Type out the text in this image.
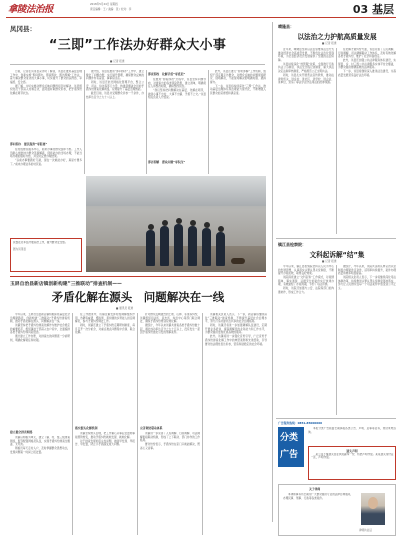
拿陵法治报	2018年5月24日 星期四
责任编辑：王 / 美编：张 / 校对：李	03 基层
凤冈县：
“三即”工作法办好群众大小事
■ 记者 报道

日前，记者在凤冈县采访时了解到，该县在推进基层治理工作中，创新实施“即问即办、即查即改、即访即解”工作法，着力解决群众身边的大事小事，切实提升了群众的获得感、幸福感、安全感。

据了解，为切实推动群众反映问题得到及时解决，该县组织党员干部深入村寨走访，面对面听取群众诉求，把矛盾纠纷化解在萌芽状态。

即问即办　便民服务“零距离”

在村级便民服务中心，前来办事的群众络绎不绝。工作人员耐心细致地为群众答疑解惑，现场能办的当场办理，不能当场办理的限时办结，并及时反馈办理结果。

“以前办事要跑好几趟，现在一次就能办好，真是方便多了。”前来办理业务的村民说。

民警在火车站开展巡逻工作，提升群众安全感。
图为凤冈县

据介绍，该县在推进“即问即办”工作中，建立健全了问题台账，实行销号管理，确保群众反映的问题件件有着落、事事有回音。

同时，该县还依托网格化管理平台，整合公安、司法、信访等部门力量，构建起覆盖全县的矛盾纠纷排查化解网络，有效提升了基层治理效能。

截至目前，该县共受理群众诉求一千余件，办结率达百分之九十八以上。

即查即改　化解矛盾“零延迟”

在推进“即查即改”过程中，该县坚持问题导向，对排查出的各类风险隐患，建立清单，明确责任人和整改时限，确保整改到位。

“我们坚持把问题解决在基层、化解在萌芽，做到小事不出村、大事不出镇、矛盾不上交。”该县相关负责人介绍说。

即访即解　群众问题“零积压”

此外，该县还推行“即访即解”工作机制，组织干部定期走访群众，对群众反映的问题现场研究、现场解决，不能现场解决的明确时限、跟踪督办。

下一步，该县将持续深化“三即”工作法，推动基层治理体系和治理能力现代化，不断增强人民群众的获得感和满意度。

晴隆县：
以法治之力护航高质量发展
■ 记者 报道

近年来，晴隆县坚持以法治思维和法治方式推动经济社会高质量发展，不断优化法治化营商环境，为全县经济社会发展提供了坚强的法治保障。

该县持续深化“放管服”改革，全面推行行政执法公示制度、执法全过程记录制度、重大执法决定法制审核制度，严格规范公正文明执法。

同时，该县扎实开展普法宣传教育，推动法律进机关、进乡村、进社区、进学校、进企业、进单位，营造了尊法学法守法用法的浓厚氛围。

在化解矛盾纠纷方面，该县完善了人民调解、行政调解、司法调解联动工作体系，及时有效化解各类矛盾纠纷，维护了社会和谐稳定。

此外，该县还加强公共法律服务体系建设，实现县、乡、村三级公共法律服务实体平台全覆盖，为群众提供便捷高效的法律服务。

下一步，该县将继续深入推进法治建设，为高质量发展营造良好法治环境。

镇江县检察院：
文科起诉解“结”集
■ 记者 报道

今年以来，镇江县检察院坚持以人民为中心的发展思想，认真落实认罪认罚从宽制度，不断提升办案质效，取得良好效果。

该院探索建立“文科起诉”工作模式，对案情简单、事实清楚、证据充分的案件实行快速办理，有效缩短了办案周期，节约了司法资源。

同时，该院还加强与公安、法院等部门的沟通协作，形成工作合力。

据统计，今年以来，该院共适用认罪认罚从宽制度办理案件百余件，适用率持续提升，案件办理质量和效率明显提高。

该院相关负责人表示，下一步将继续深化司法体制改革，持续推进认罪认罚从宽制度落地落实，努力让人民群众在每一个司法案件中感受到公平正义。

广告服务热线：0851-85000000
分类
广告

本报分类广告版面长期承接各类公告、声明、启事等业务，欢迎来电咨询。

遗失声明

某公司不慎遗失营业执照副本一份，特此声明作废。某某遗失身份证一张，声明作废。

关于律师

本律师事务所长期为广大群众提供专业的法律咨询服务，办理民事、刑事、行政等各类案件。

律师执业证
玉屏自治县新店镇创新构建“三推联动”排查机制——
矛盾化解在源头　问题解决在一线
■ 通讯员 报道

今年以来，玉屏自治县新店镇积极探索基层社会治理新路径，创新构建“三推联动”矛盾纠纷排查机制，推动矛盾化解在源头、问题解决在一线。

该镇坚持把矛盾纠纷排查化解作为维护社会稳定的重要抓手，组织镇村干部深入农户家中，全面摸排各类矛盾纠纷和风险隐患。

通过建立工作台账，对排查出的问题逐一分析研判，明确化解责任和时限。

建立健全排查网络

该镇以网格为单元，建立了镇、村、组三级排查网络，配齐配强网格员队伍，实现矛盾纠纷排查全覆盖、无死角。

网格员每天走村入户，及时掌握群众思想动态，发现问题第一时间上报处置。

在工作推进中，该镇注重发挥村级调解组织作用，选聘有威望、懂政策、善沟通的乡贤能人担任调解员，参与矛盾纠纷调处工作。

同时，该镇还建立了矛盾纠纷定期研判制度，每月召开一次分析会，对重点难点问题集中会商、联合化解。

落实源头化解机制

该镇坚持源头治理，把工作重心从事后处置向事前预防转变，推动矛盾纠纷就地发现、就地化解。

对于排查发现的苗头性问题，做到早发现、早报告、早处置，防止小矛盾演变成大问题。

针对群众反映强烈的土地、山林、邻里等纠纷，该镇组织司法所、派出所、综治中心等部门联合调处，确保矛盾纠纷得到有效化解。

据统计，今年以来该镇共排查各类矛盾纠纷数十起，调处成功率达百分之九十五以上，没有发生一起因矛盾纠纷激化引发的刑事案件。

完善调处联动体系

该镇进一步完善了人民调解、行政调解、司法调解衔接联动机制，形成了上下联动、部门协作的工作格局。

群众纷纷表示，矛盾纠纷在家门口就能解决，既省心又省事。

该镇相关负责人表示，下一步，新店镇将继续深化“三推联动”排查机制，不断提升基层社会治理水平，努力打造共建共治共享的社会治理格局。

同时，该镇还将进一步加强调解队伍建设，定期开展业务培训，提高调解员的业务能力和工作水平，为群众提供更加优质高效的服务。

此外，该镇将进一步强化宣传引导，广泛宣传矛盾纠纷排查化解工作中的典型案例和先进经验，引导群众依法理性表达诉求，营造和谐稳定的社会环境。
